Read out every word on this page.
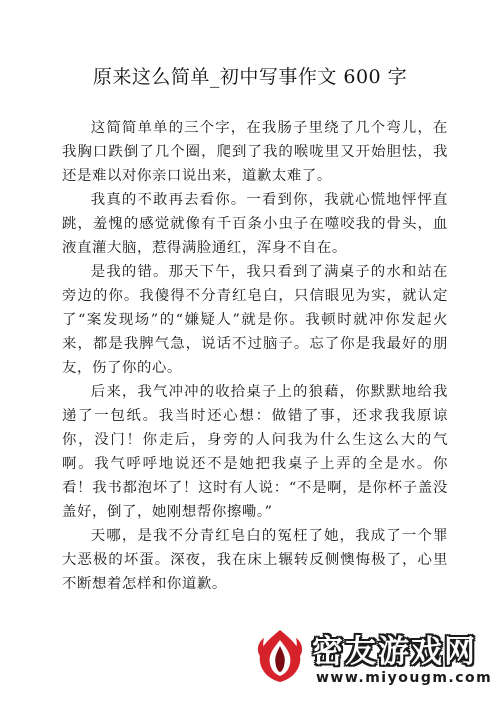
原来这么简单_初中写事作文 600 字

这简简单单的三个字，在我肠子里绕了几个弯儿，在我胸口跌倒了几个圈，爬到了我的喉咙里又开始胆怯，我还是难以对你亲口说出来，道歉太难了。

我真的不敢再去看你。一看到你，我就心慌地怦怦直跳，羞愧的感觉就像有千百条小虫子在噬咬我的骨头，血液直灌大脑，惹得满脸通红，浑身不自在。

是我的错。那天下午，我只看到了满桌子的水和站在旁边的你。我傻得不分青红皂白，只信眼见为实，就认定了“案发现场”的“嫌疑人”就是你。我顿时就冲你发起火来，都是我脾气急，说话不过脑子。忘了你是我最好的朋友，伤了你的心。

后来，我气冲冲的收拾桌子上的狼藉，你默默地给我递了一包纸。我当时还心想：做错了事，还求我我原谅你，没门！你走后，身旁的人问我为什么生这么大的气啊。我气呼呼地说还不是她把我桌子上弄的全是水。你看！我书都泡坏了！这时有人说：“不是啊，是你杯子盖没盖好，倒了，她刚想帮你擦嘞。”

天哪，是我不分青红皂白的冤枉了她，我成了一个罪大恶极的坏蛋。深夜，我在床上辗转反侧懊悔极了，心里不断想着怎样和你道歉。

密友游戏网
www.miyougm.com
